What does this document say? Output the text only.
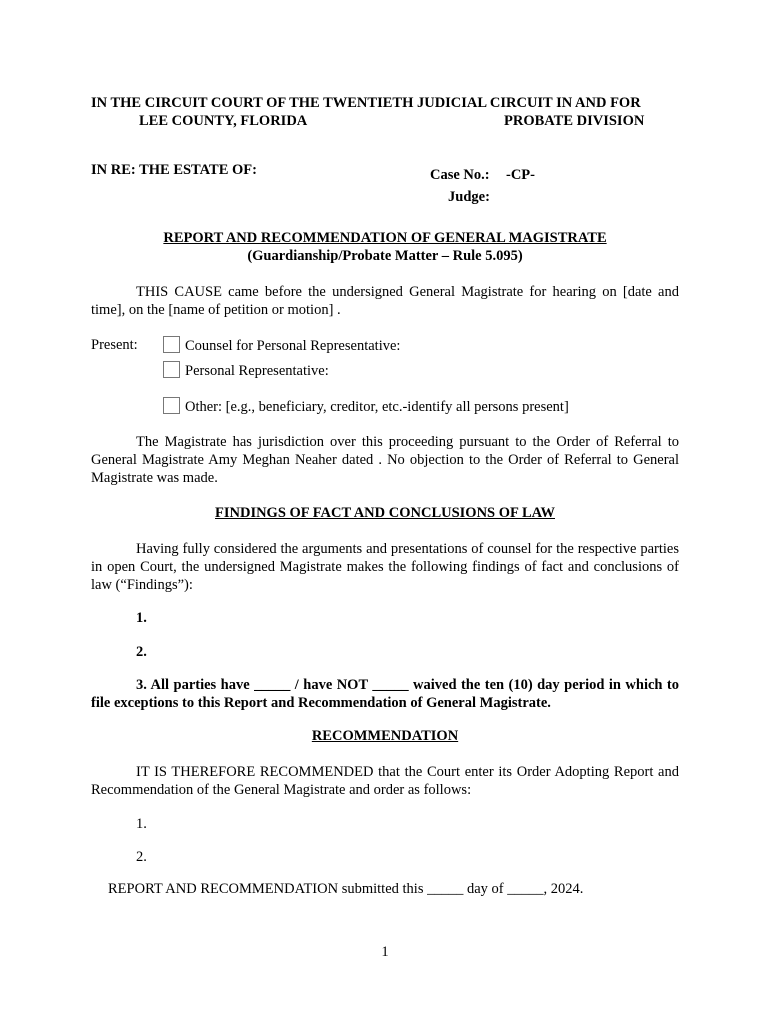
IN THE CIRCUIT COURT OF THE TWENTIETH JUDICIAL CIRCUIT IN AND FOR
LEE COUNTY, FLORIDA	PROBATE DIVISION
IN RE: THE ESTATE OF:	Case No.: -CP-
Judge:
REPORT AND RECOMMENDATION OF GENERAL MAGISTRATE
(Guardianship/Probate Matter – Rule 5.095)
THIS CAUSE came before the undersigned General Magistrate for hearing on [date and time], on the [name of petition or motion] .
Present:	Counsel for Personal Representative:
Personal Representative:
Other: [e.g., beneficiary, creditor, etc.-identify all persons present]
The Magistrate has jurisdiction over this proceeding pursuant to the Order of Referral to General Magistrate Amy Meghan Neaher dated . No objection to the Order of Referral to General Magistrate was made.
FINDINGS OF FACT AND CONCLUSIONS OF LAW
Having fully considered the arguments and presentations of counsel for the respective parties in open Court, the undersigned Magistrate makes the following findings of fact and conclusions of law (“Findings”):
1.
2.
3. All parties have _____ / have NOT _____ waived the ten (10) day period in which to file exceptions to this Report and Recommendation of General Magistrate.
RECOMMENDATION
IT IS THEREFORE RECOMMENDED that the Court enter its Order Adopting Report and Recommendation of the General Magistrate and order as follows:
1.
2.
REPORT AND RECOMMENDATION submitted this _____ day of _____, 2024.
1
